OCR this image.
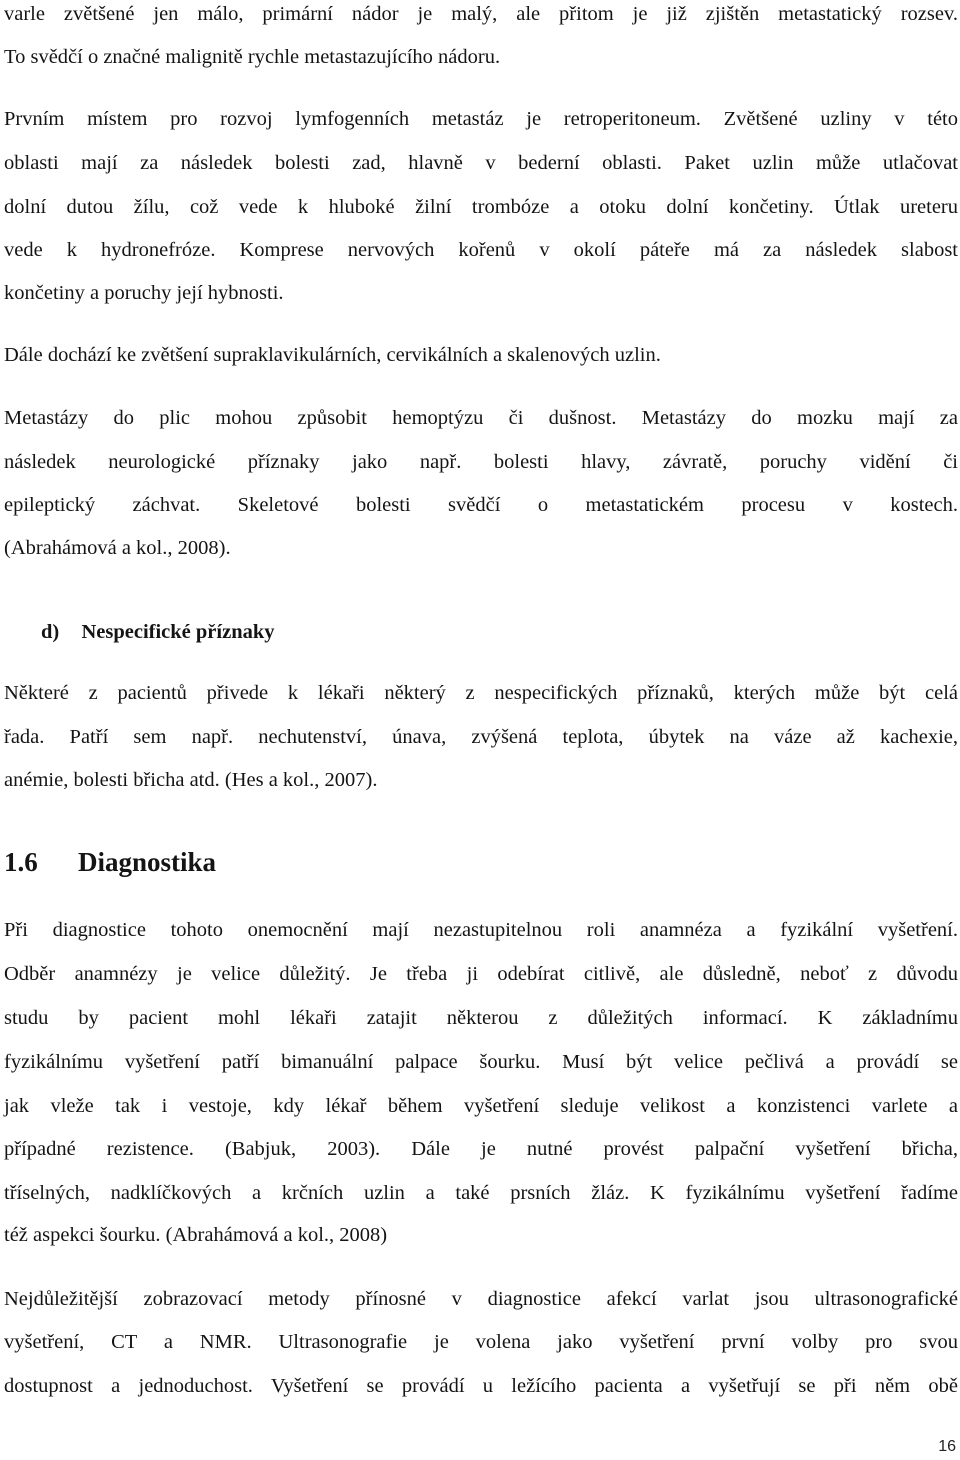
varle zvětšené jen málo, primární nádor je malý, ale přitom je již zjištěn metastatický rozsev.
To svědčí o značné malignitě rychle metastazujícího nádoru.
Prvním místem pro rozvoj lymfogenních metastáz je retroperitoneum. Zvětšené uzliny v této
oblasti mají za následek bolesti zad, hlavně v bederní oblasti. Paket uzlin může utlačovat
dolní dutou žílu, což vede k hluboké žilní trombóze a otoku dolní končetiny. Útlak ureteru
vede k hydronefróze. Komprese nervových kořenů v okolí páteře má za následek slabost
končetiny a poruchy její hybnosti.
Dále dochází ke zvětšení supraklavikulárních, cervikálních a skalenových uzlin.
Metastázy do plic mohou způsobit hemoptýzu či dušnost. Metastázy do mozku mají za
následek neurologické příznaky jako např. bolesti hlavy, závratě, poruchy vidění či
epileptický záchvat. Skeletové bolesti svědčí o metastatickém procesu v kostech.
(Abrahámová a kol., 2008).
d) Nespecifické příznaky
Některé z pacientů přivede k lékaři některý z nespecifických příznaků, kterých může být celá
řada. Patří sem např. nechutenství, únava, zvýšená teplota, úbytek na váze až kachexie,
anémie, bolesti břicha atd. (Hes a kol., 2007).
1.6 Diagnostika
Při diagnostice tohoto onemocnění mají nezastupitelnou roli anamnéza a fyzikální vyšetření.
Odběr anamnézy je velice důležitý. Je třeba ji odebírat citlivě, ale důsledně, neboť z důvodu
studu by pacient mohl lékaři zatajit některou z důležitých informací. K základnímu
fyzikálnímu vyšetření patří bimanuální palpace šourku. Musí být velice pečlivá a provádí se
jak vleže tak i vestoje, kdy lékař během vyšetření sleduje velikost a konzistenci varlete a
případné rezistence. (Babjuk, 2003). Dále je nutné provést palpační vyšetření břicha,
tříselných, nadklíčkových a krčních uzlin a také prsních žláz. K fyzikálnímu vyšetření řadíme
též aspekci šourku. (Abrahámová a kol., 2008)
Nejdůležitější zobrazovací metody přínosné v diagnostice afekcí varlat jsou ultrasonografické
vyšetření, CT a NMR. Ultrasonografie je volena jako vyšetření první volby pro svou
dostupnost a jednoduchost. Vyšetření se provádí u ležícího pacienta a vyšetřují se při něm obě
16
